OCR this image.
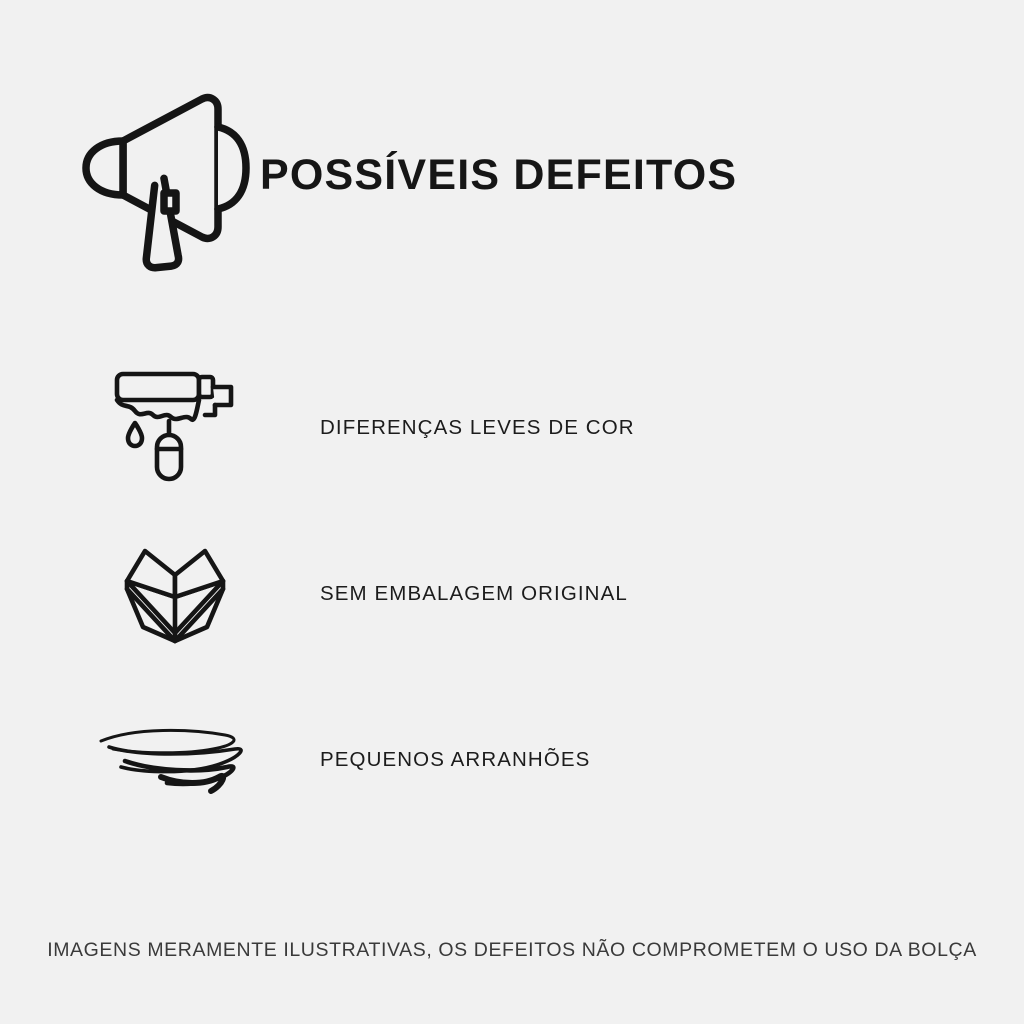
POSSÍVEIS DEFEITOS
DIFERENÇAS LEVES DE COR
SEM EMBALAGEM ORIGINAL
PEQUENOS ARRANHÕES
IMAGENS MERAMENTE ILUSTRATIVAS, OS DEFEITOS NÃO COMPROMETEM O USO DA BOLÇA
